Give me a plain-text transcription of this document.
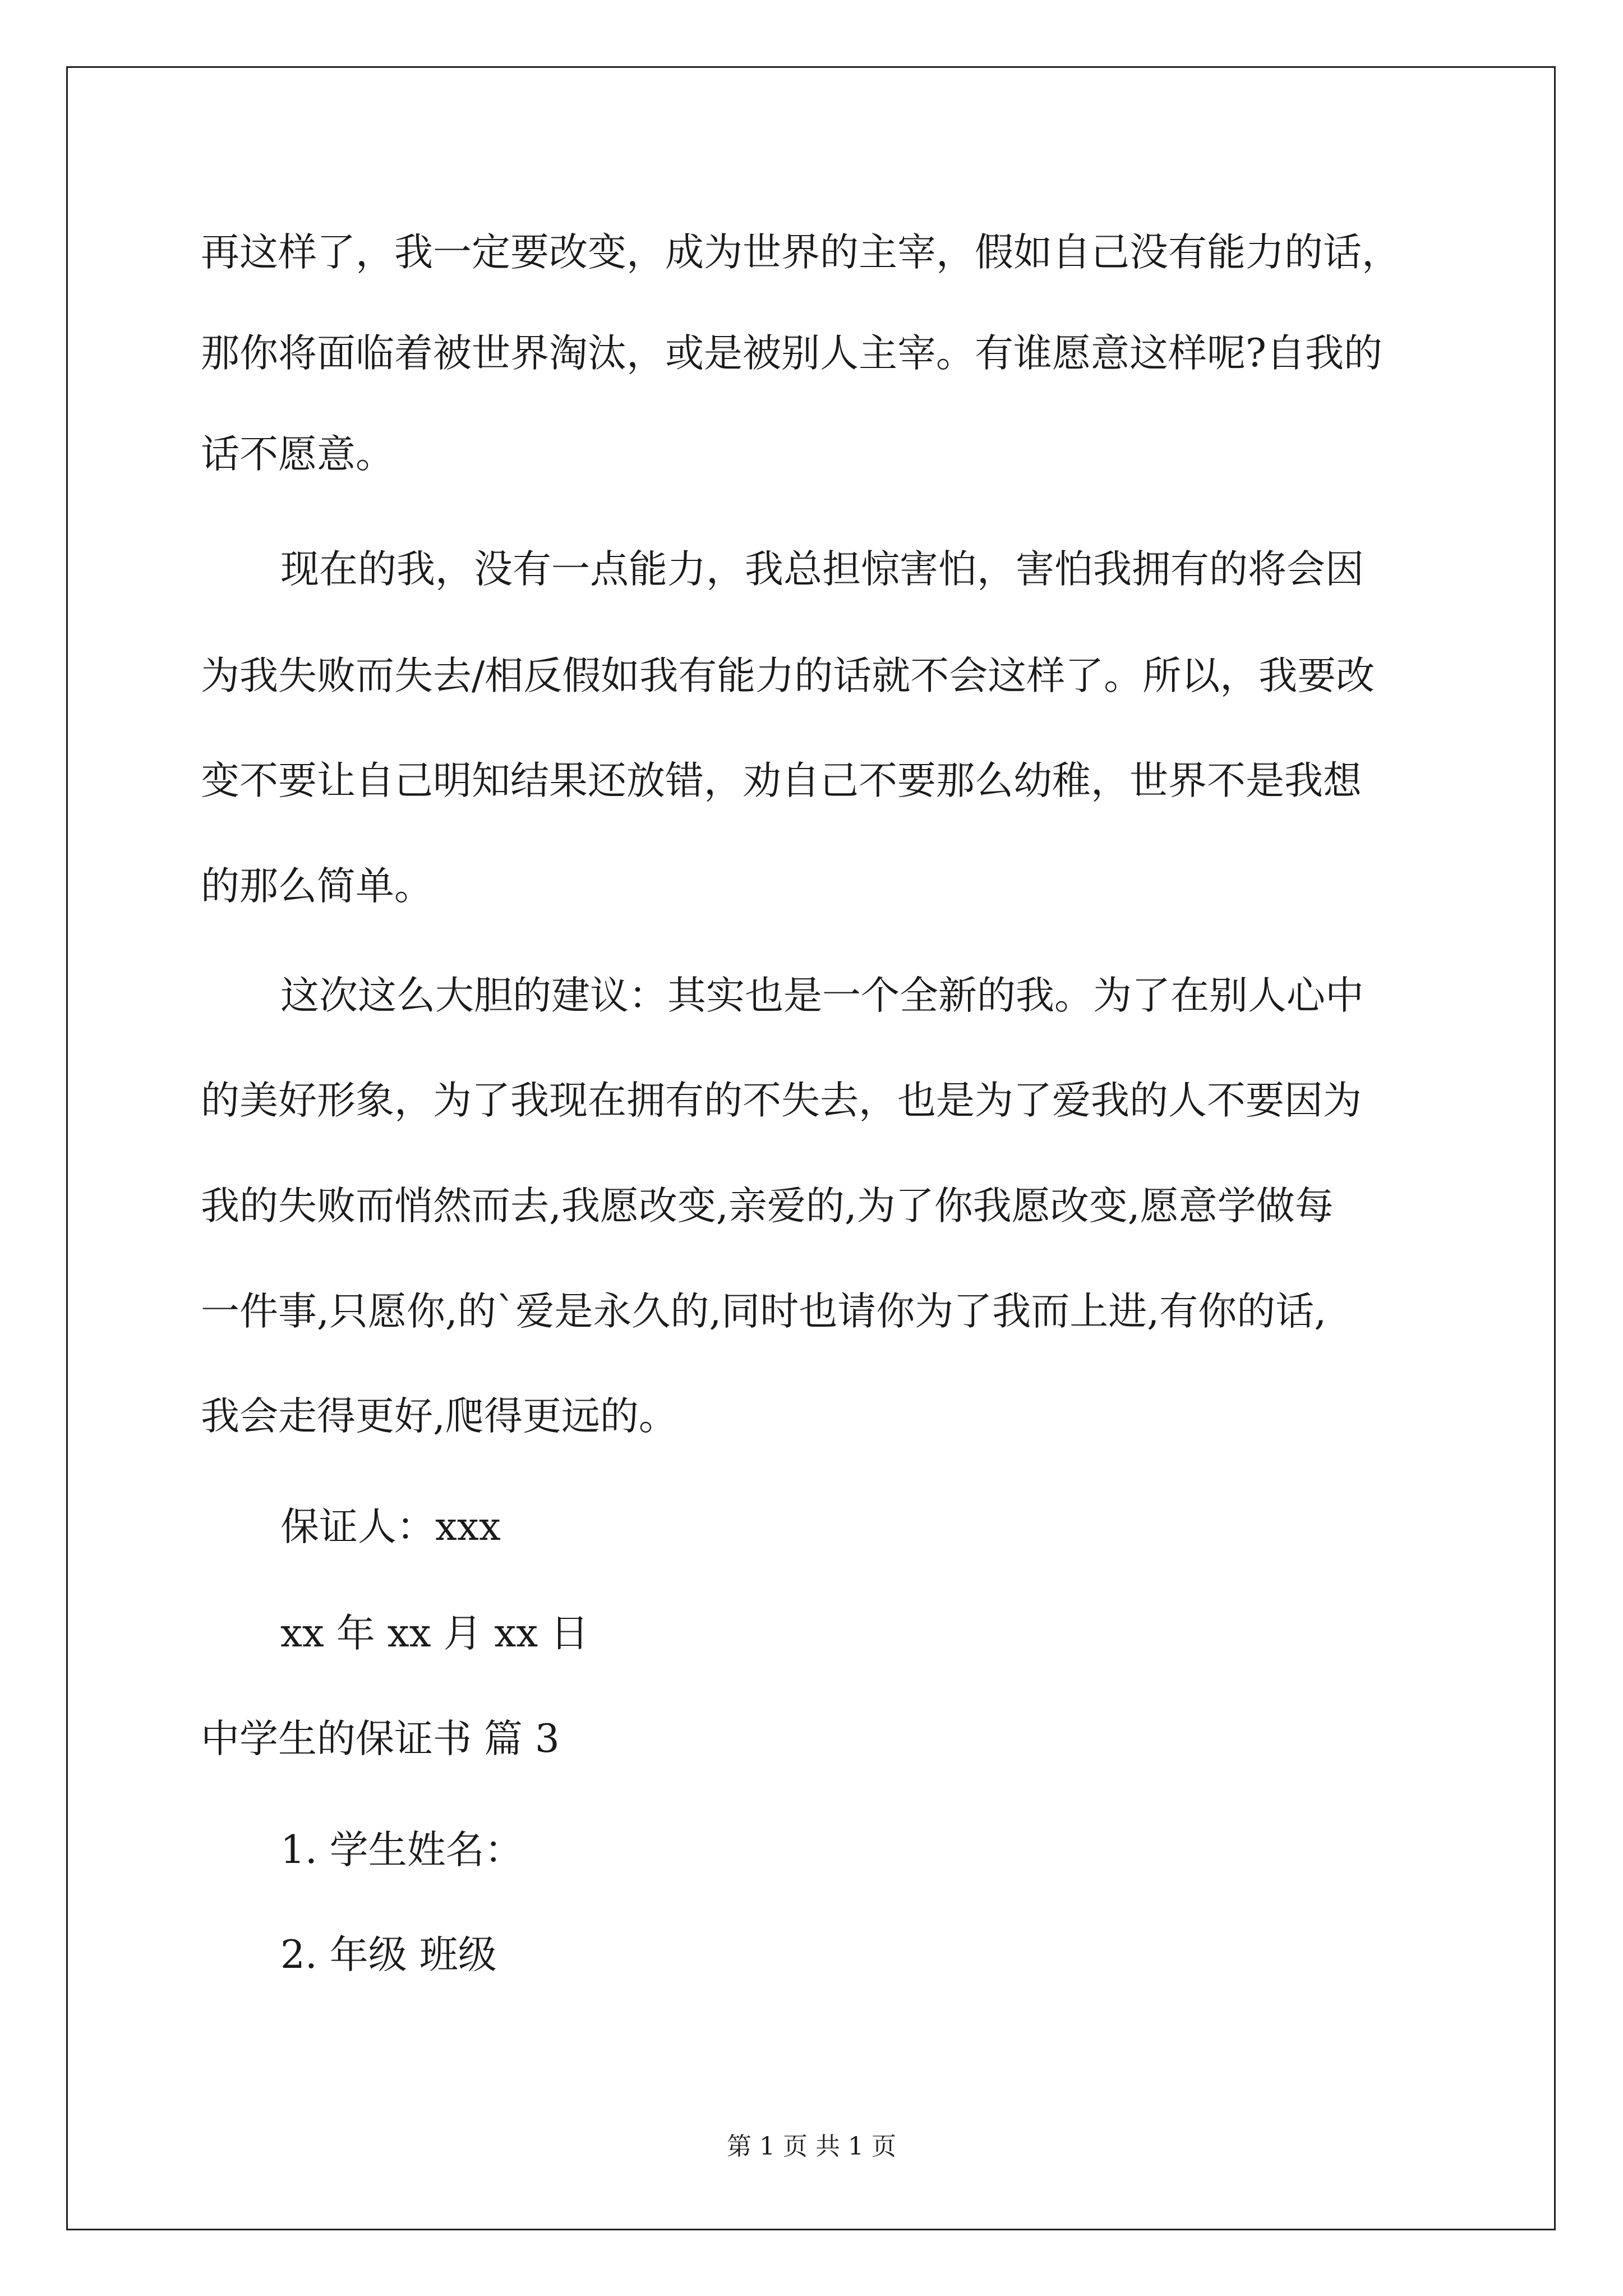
再这样了，我一定要改变，成为世界的主宰，假如自己没有能力的话，
那你将面临着被世界淘汰，或是被别人主宰。有谁愿意这样呢?自我的
话不愿意。
现在的我，没有一点能力，我总担惊害怕，害怕我拥有的将会因
为我失败而失去/相反假如我有能力的话就不会这样了。所以，我要改
变不要让自己明知结果还放错，劝自己不要那么幼稚，世界不是我想
的那么简单。
这次这么大胆的建议：其实也是一个全新的我。为了在别人心中
的美好形象，为了我现在拥有的不失去，也是为了爱我的人不要因为
我的失败而悄然而去,我愿改变,亲爱的,为了你我愿改变,愿意学做每
一件事,只愿你,的`爱是永久的,同时也请你为了我而上进,有你的话,
我会走得更好,爬得更远的。
保证人：xxx
xx 年 xx 月 xx 日
中学生的保证书 篇 3
1. 学生姓名：
2. 年级 班级
第 1 页 共 1 页
